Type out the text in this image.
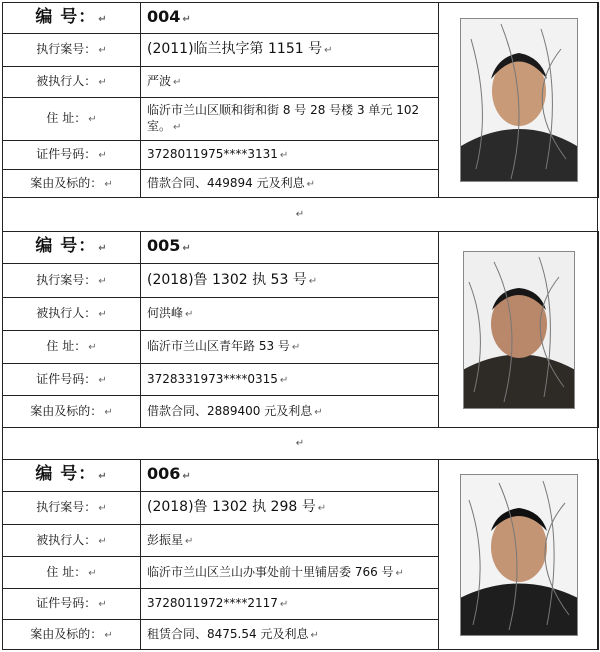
编 号： ↵	004 ↵	

执行案号： ↵	(2011)临兰执字第 1151 号 ↵	
被执行人： ↵	严波 ↵	
住 址： ↵	临沂市兰山区顺和街和街 8 号 28 号楼 3 单元 102 室。 ↵	
证件号码： ↵	3728011975****3131 ↵	
案由及标的： ↵	借款合同、449894 元及利息 ↵	
↵
编 号： ↵	005 ↵	

执行案号： ↵	(2018)鲁 1302 执 53 号 ↵	
被执行人： ↵	何洪峰 ↵	
住 址： ↵	临沂市兰山区青年路 53 号 ↵	
证件号码： ↵	3728331973****0315 ↵	
案由及标的： ↵	借款合同、2889400 元及利息 ↵	
↵
编 号： ↵	006 ↵	

执行案号： ↵	(2018)鲁 1302 执 298 号 ↵	
被执行人： ↵	彭振星 ↵	
住 址： ↵	临沂市兰山区兰山办事处前十里铺居委 766 号 ↵	
证件号码： ↵	3728011972****2117 ↵	
案由及标的： ↵	租赁合同、8475.54 元及利息 ↵	
